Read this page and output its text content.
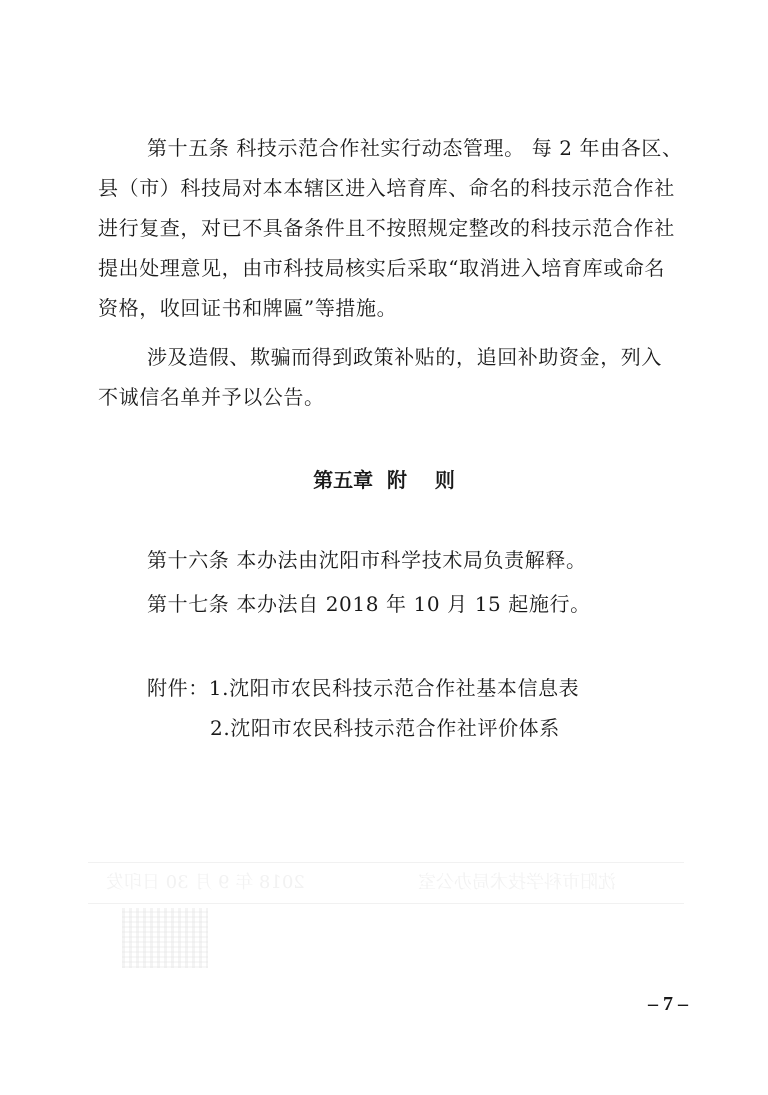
第十五条 科技示范合作社实行动态管理。 每 2 年由各区、
县（市）科技局对本本辖区进入培育库、命名的科技示范合作社
进行复查，对已不具备条件且不按照规定整改的科技示范合作社
提出处理意见，由市科技局核实后采取“取消进入培育库或命名
资格，收回证书和牌匾”等措施。
涉及造假、欺骗而得到政策补贴的，追回补助资金，列入
不诚信名单并予以公告。
第五章  附    则
第十六条 本办法由沈阳市科学技术局负责解释。
第十七条 本办法自 2018 年 10 月 15 起施行。
附件：1.沈阳市农民科技示范合作社基本信息表
2.沈阳市农民科技示范合作社评价体系
2018 年 9 月 30 日印发	沈阳市科学技术局办公室
– 7 –
